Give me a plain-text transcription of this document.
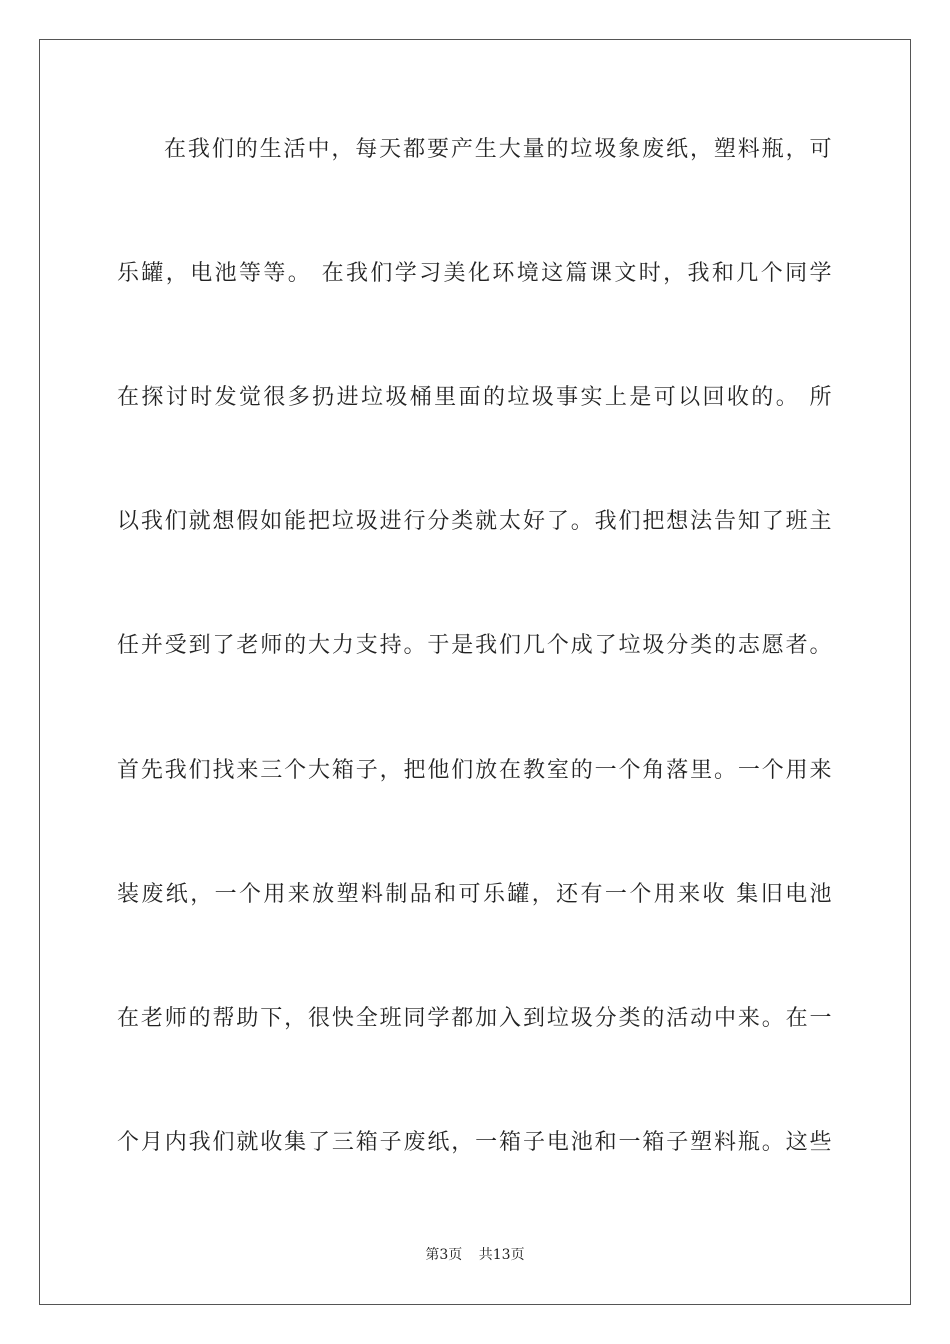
在我们的生活中，每天都要产生大量的垃圾象废纸，塑料瓶，可
乐罐，电池等等。 在我们学习美化环境这篇课文时，我和几个同学
在探讨时发觉很多扔进垃圾桶里面的垃圾事实上是可以回收的。 所
以我们就想假如能把垃圾进行分类就太好了。我们把想法告知了班主
任并受到了老师的大力支持。于是我们几个成了垃圾分类的志愿者。
首先我们找来三个大箱子，把他们放在教室的一个角落里。一个用来
装废纸，一个用来放塑料制品和可乐罐，还有一个用来收 集旧电池
在老师的帮助下，很快全班同学都加入到垃圾分类的活动中来。在一
个月内我们就收集了三箱子废纸，一箱子电池和一箱子塑料瓶。这些
第3页 共13页
